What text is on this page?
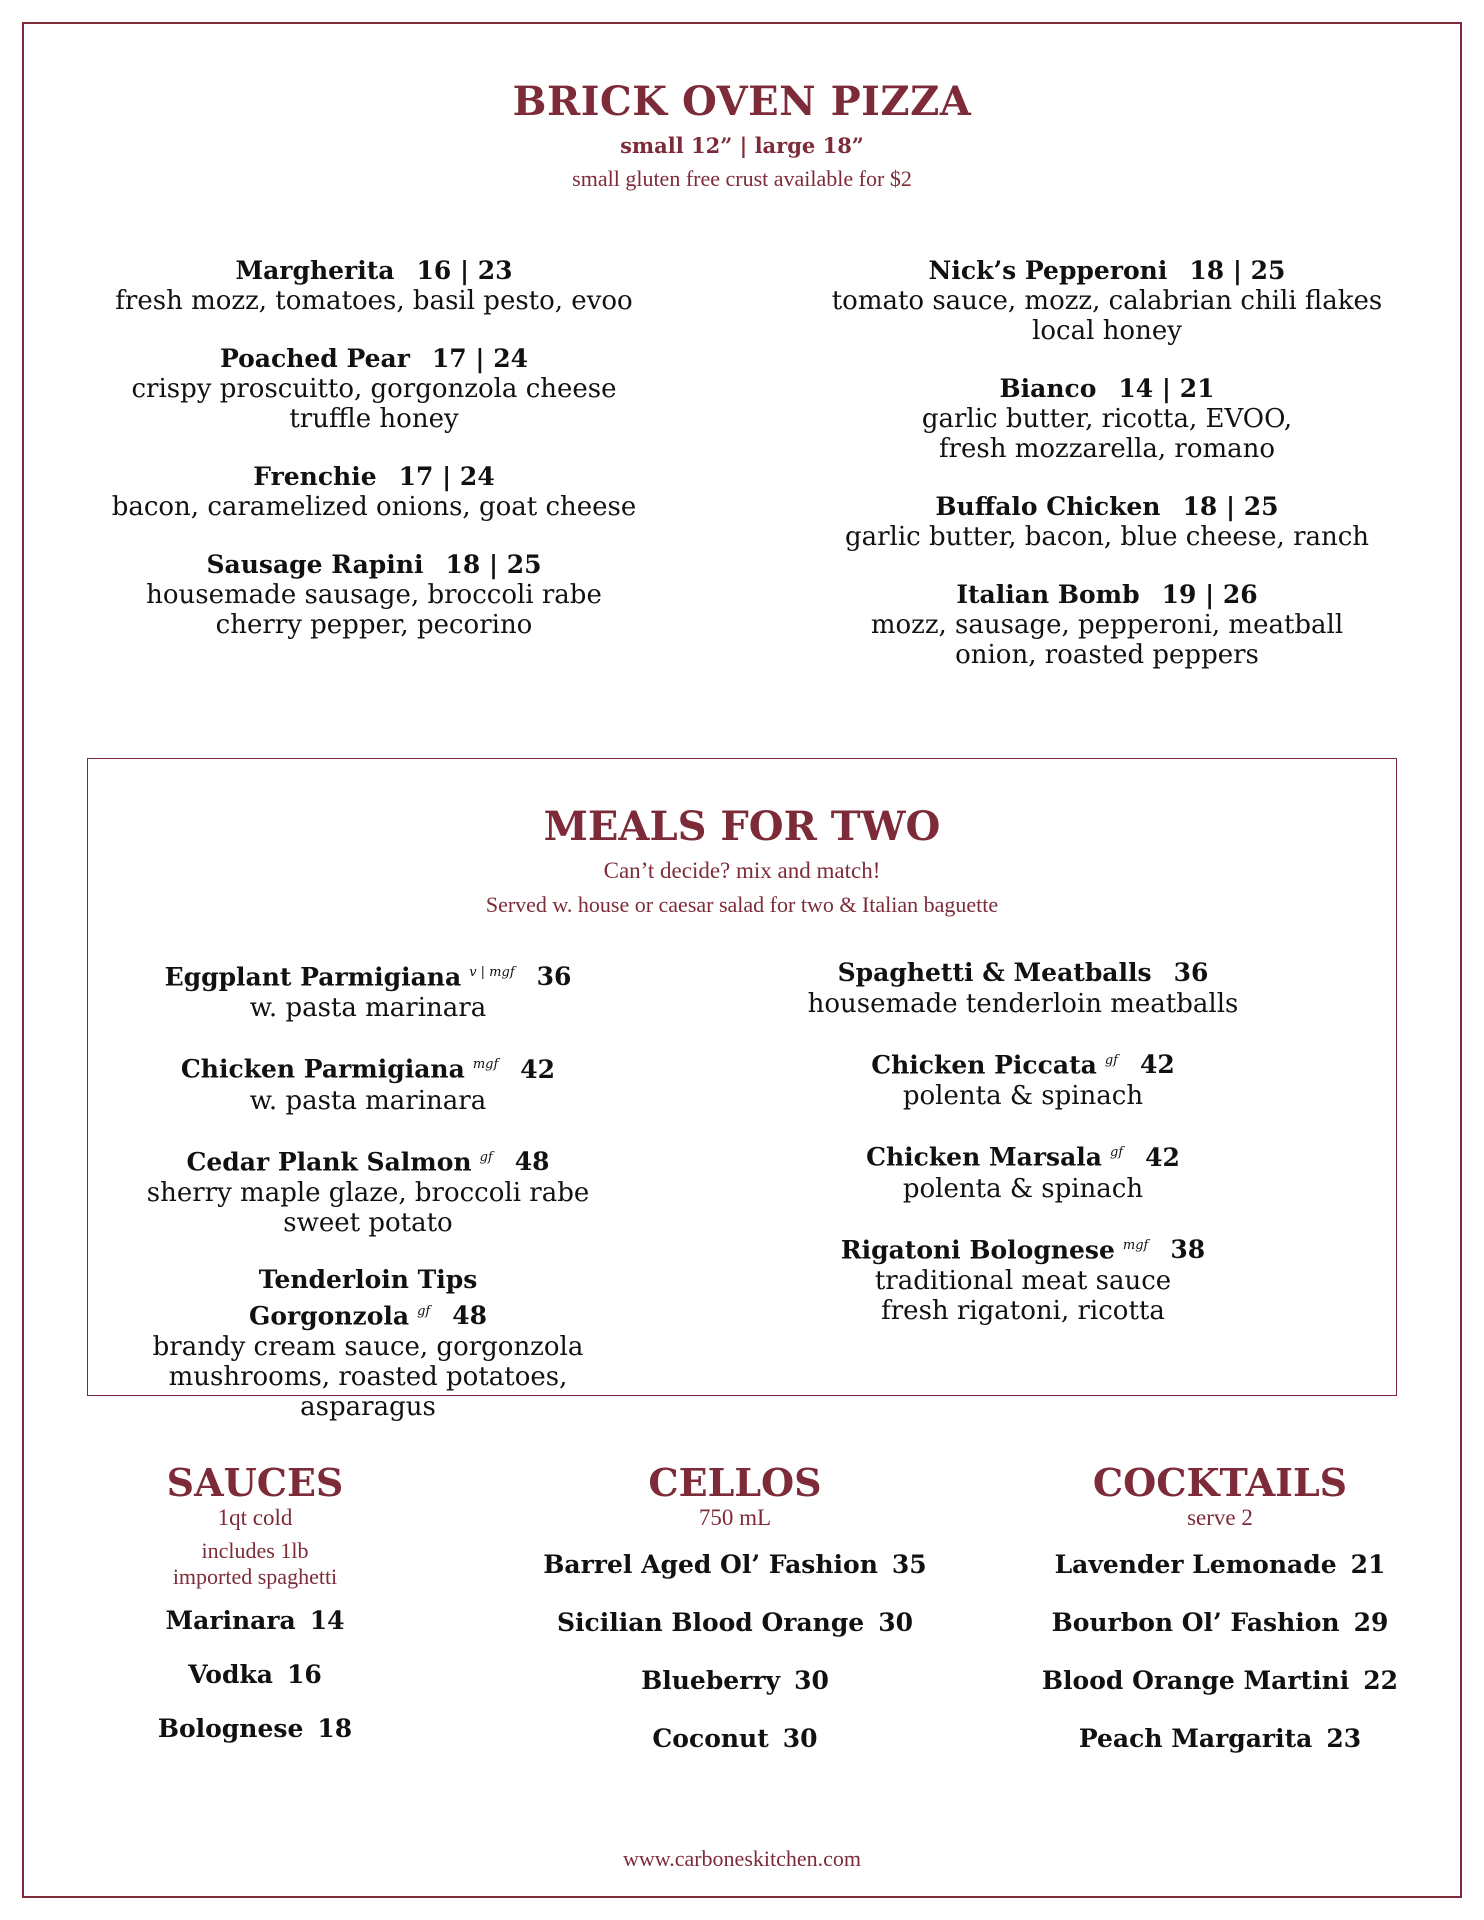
BRICK OVEN PIZZA
small 12” | large 18”
small gluten free crust available for $2
Margherita 16 | 23
fresh mozz, tomatoes, basil pesto, evoo
Poached Pear 17 | 24
crispy proscuitto, gorgonzola cheese
truffle honey
Frenchie 17 | 24
bacon, caramelized onions, goat cheese
Sausage Rapini 18 | 25
housemade sausage, broccoli rabe
cherry pepper, pecorino
Nick’s Pepperoni 18 | 25
tomato sauce, mozz, calabrian chili flakes
local honey
Bianco 14 | 21
garlic butter, ricotta, EVOO,
fresh mozzarella, romano
Buffalo Chicken 18 | 25
garlic butter, bacon, blue cheese, ranch
Italian Bomb 19 | 26
mozz, sausage, pepperoni, meatball
onion, roasted peppers
MEALS FOR TWO
Can’t decide? mix and match!
Served w. house or caesar salad for two & Italian baguette
Eggplant Parmigiana $^{v | mgf}$ 36
w. pasta marinara
Chicken Parmigiana $^{mgf}$ 42
w. pasta marinara
Cedar Plank Salmon $^{gf}$ 48
sherry maple glaze, broccoli rabe
sweet potato
Tenderloin Tips Gorgonzola $^{gf}$ 48
brandy cream sauce, gorgonzola
mushrooms, roasted potatoes, asparagus
Spaghetti & Meatballs 36
housemade tenderloin meatballs
Chicken Piccata $^{gf}$ 42
polenta & spinach
Chicken Marsala $^{gf}$ 42
polenta & spinach
Rigatoni Bolognese $^{mgf}$ 38
traditional meat sauce
fresh rigatoni, ricotta
SAUCES
1qt cold
includes 1lb
imported spaghetti
Marinara 14
Vodka 16
Bolognese 18
CELLOS
750 mL
Barrel Aged Ol’ Fashion 35
Sicilian Blood Orange 30
Blueberry 30
Coconut 30
COCKTAILS
serve 2
Lavender Lemonade 21
Bourbon Ol’ Fashion 29
Blood Orange Martini 22
Peach Margarita 23
www.carboneskitchen.com
